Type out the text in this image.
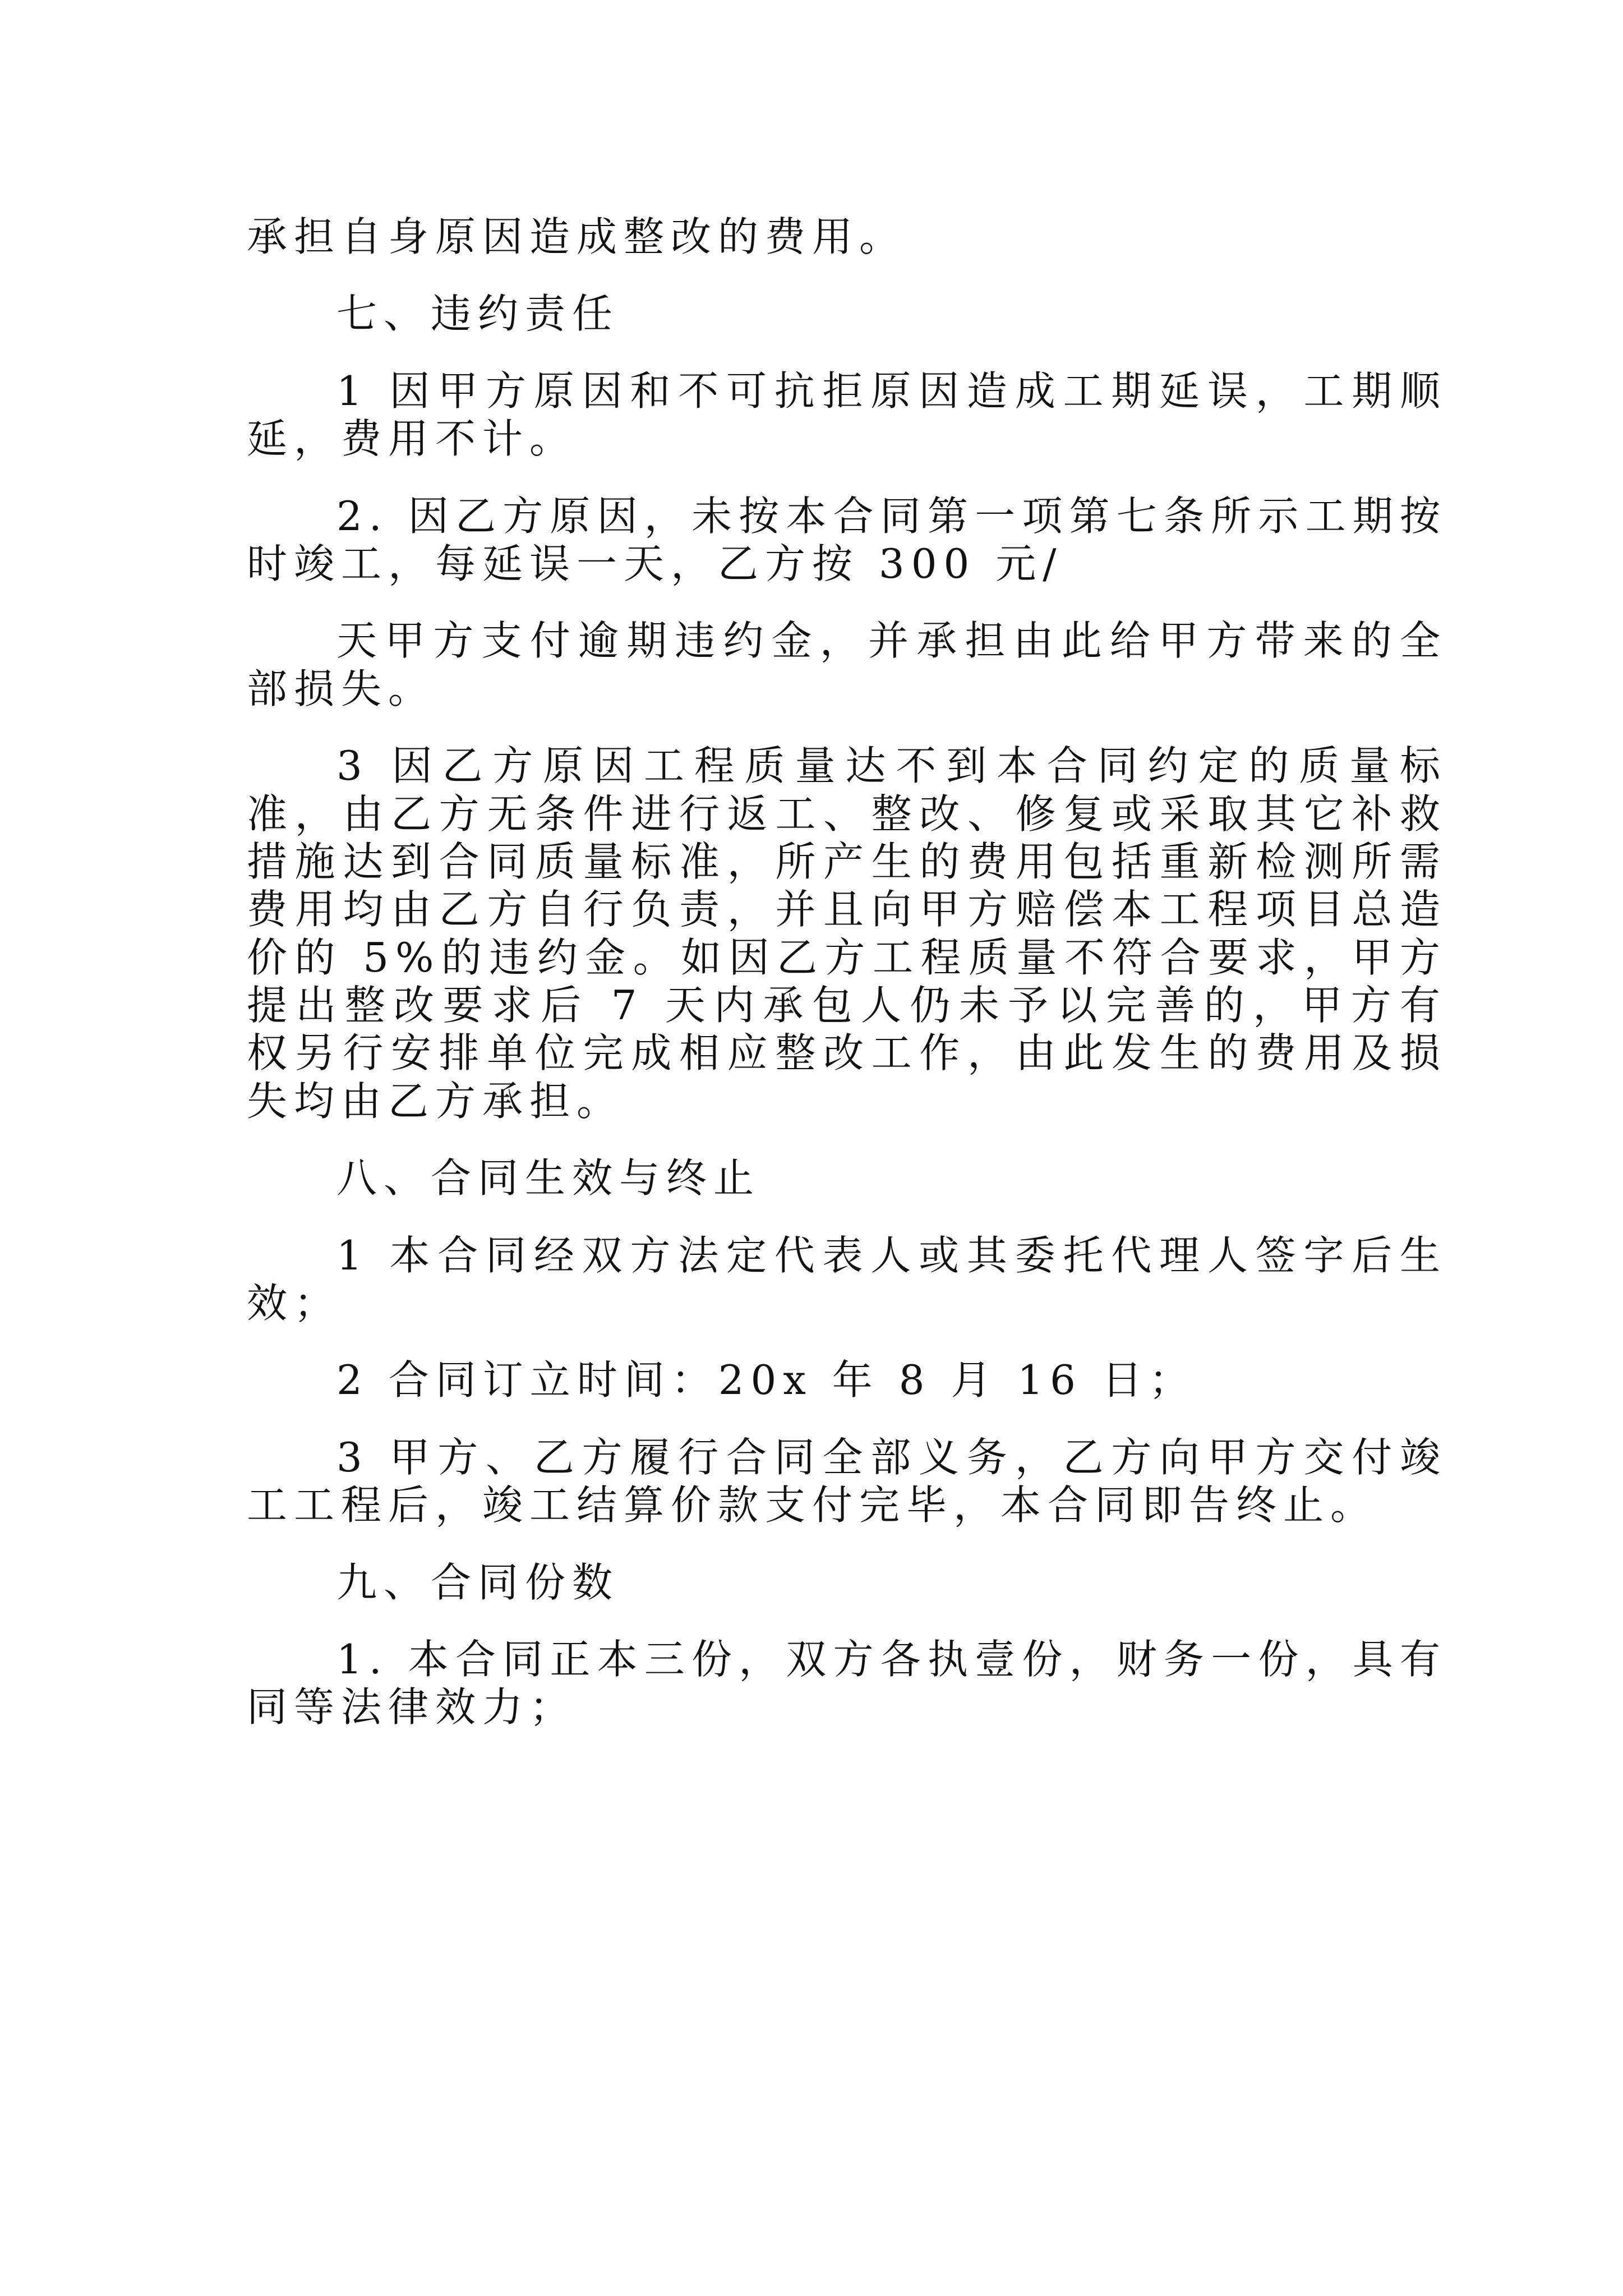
承担自身原因造成整改的费用。

七、违约责任

1 因甲方原因和不可抗拒原因造成工期延误，工期顺延，费用不计。

2. 因乙方原因，未按本合同第一项第七条所示工期按时竣工，每延误一天，乙方按 300 元/

天甲方支付逾期违约金，并承担由此给甲方带来的全部损失。

3 因乙方原因工程质量达不到本合同约定的质量标准，由乙方无条件进行返工、整改、修复或采取其它补救措施达到合同质量标准，所产生的费用包括重新检测所需费用均由乙方自行负责，并且向甲方赔偿本工程项目总造价的 5%的违约金。如因乙方工程质量不符合要求，甲方提出整改要求后 7 天内承包人仍未予以完善的，甲方有权另行安排单位完成相应整改工作，由此发生的费用及损失均由乙方承担。

八、合同生效与终止

1 本合同经双方法定代表人或其委托代理人签字后生效；

2 合同订立时间：20x 年 8 月 16 日；

3 甲方、乙方履行合同全部义务，乙方向甲方交付竣工工程后，竣工结算价款支付完毕，本合同即告终止。

九、合同份数

1. 本合同正本三份，双方各执壹份，财务一份，具有同等法律效力；
